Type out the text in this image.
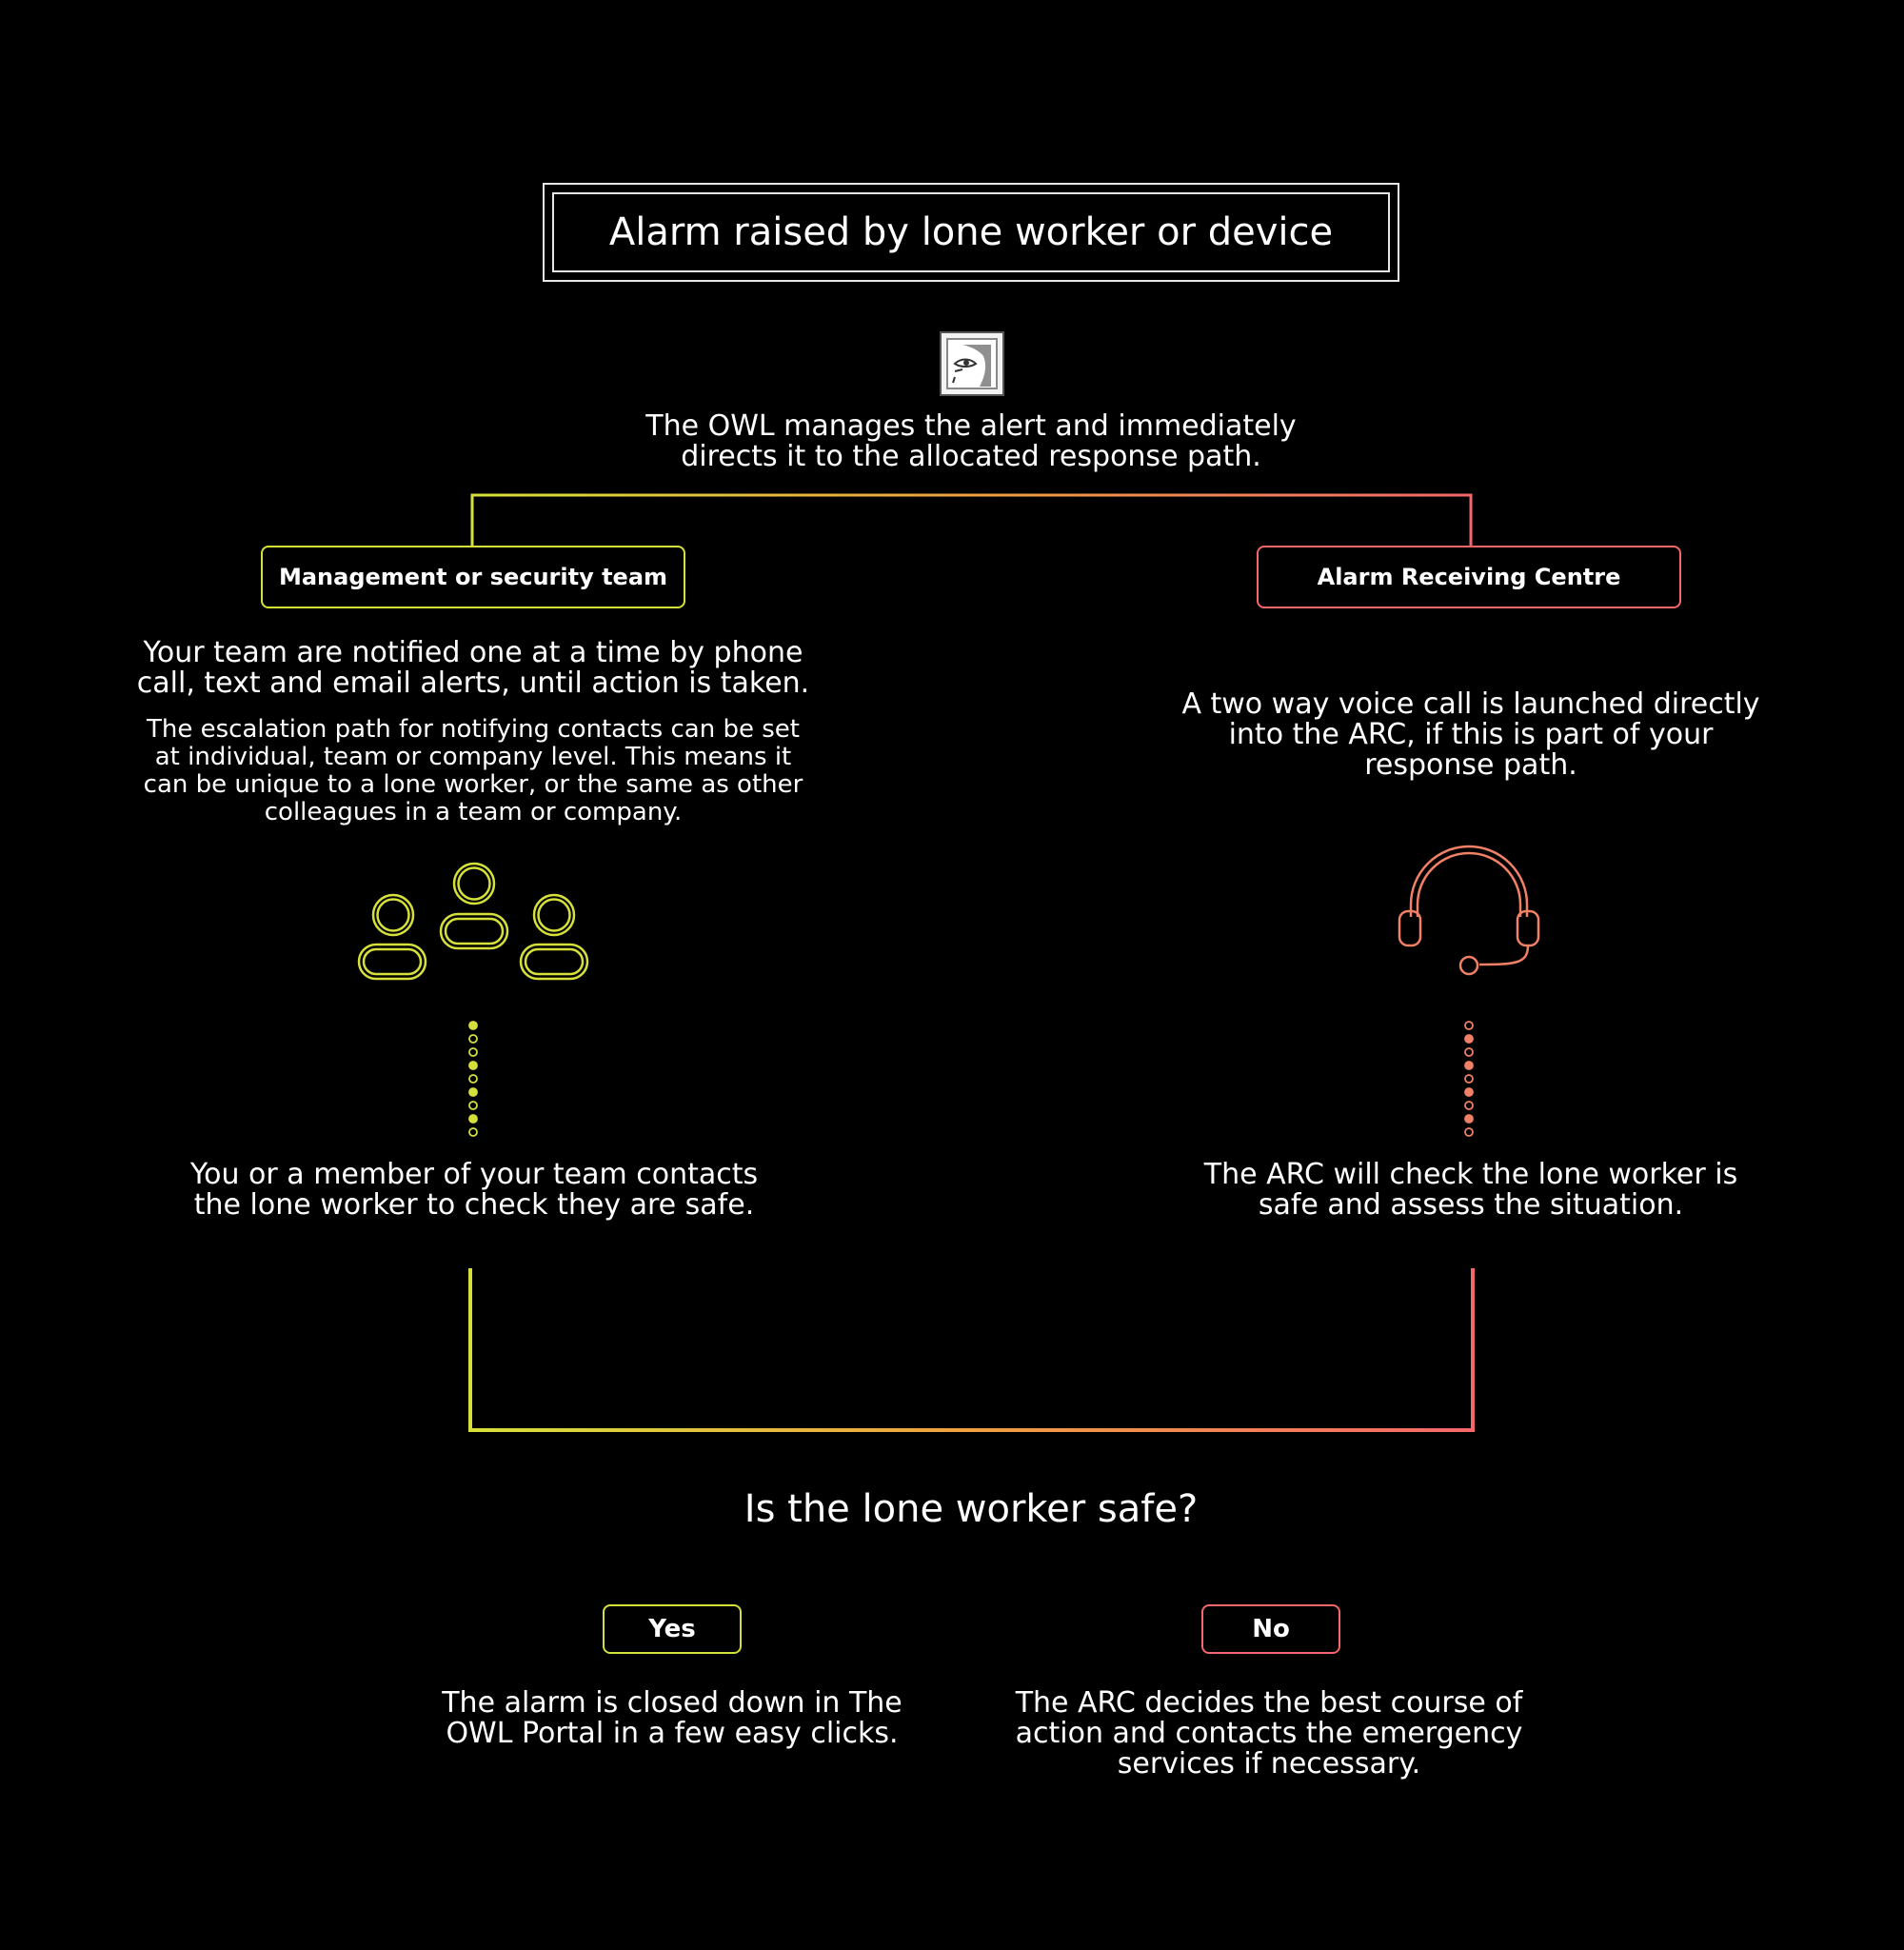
Alarm raised by lone worker or device
The OWL manages the alert and immediately directs it to the allocated response path.
Management or security team	Alarm Receiving Centre
Your team are notified one at a time by phone call, text and email alerts, until action is taken.
The escalation path for notifying contacts can be set at individual, team or company level. This means it can be unique to a lone worker, or the same as other colleagues in a team or company.
A two way voice call is launched directly into the ARC, if this is part of your response path.
You or a member of your team contacts the lone worker to check they are safe.
The ARC will check the lone worker is safe and assess the situation.
Is the lone worker safe?
Yes	No
The alarm is closed down in The OWL Portal in a few easy clicks.
The ARC decides the best course of action and contacts the emergency services if necessary.
